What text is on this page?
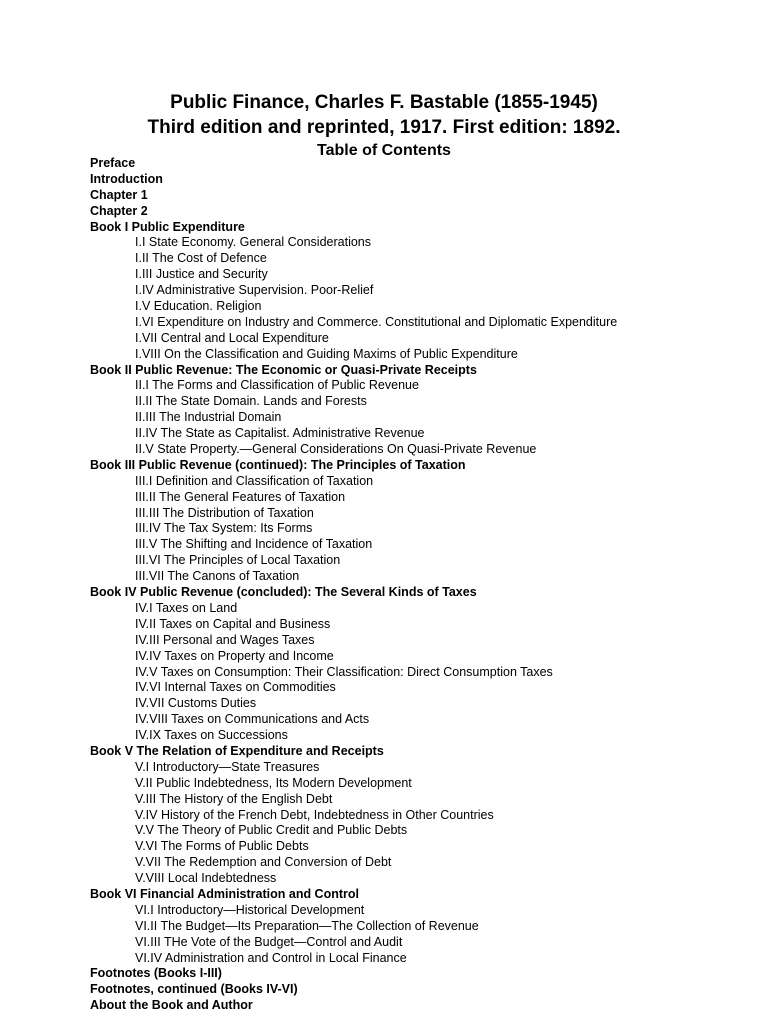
Public Finance, Charles F. Bastable (1855-1945)
Third edition and reprinted, 1917. First edition: 1892.
Table of Contents
Preface
Introduction
Chapter 1
Chapter 2
Book I Public Expenditure
I.I State Economy. General Considerations
I.II The Cost of Defence
I.III Justice and Security
I.IV Administrative Supervision. Poor-Relief
I.V Education. Religion
I.VI Expenditure on Industry and Commerce. Constitutional and Diplomatic Expenditure
I.VII Central and Local Expenditure
I.VIII On the Classification and Guiding Maxims of Public Expenditure
Book II Public Revenue: The Economic or Quasi-Private Receipts
II.I The Forms and Classification of Public Revenue
II.II The State Domain. Lands and Forests
II.III The Industrial Domain
II.IV The State as Capitalist. Administrative Revenue
II.V State Property.—General Considerations On Quasi-Private Revenue
Book III Public Revenue (continued): The Principles of Taxation
III.I Definition and Classification of Taxation
III.II The General Features of Taxation
III.III The Distribution of Taxation
III.IV The Tax System: Its Forms
III.V The Shifting and Incidence of Taxation
III.VI The Principles of Local Taxation
III.VII The Canons of Taxation
Book IV Public Revenue (concluded): The Several Kinds of Taxes
IV.I Taxes on Land
IV.II Taxes on Capital and Business
IV.III Personal and Wages Taxes
IV.IV Taxes on Property and Income
IV.V Taxes on Consumption: Their Classification: Direct Consumption Taxes
IV.VI Internal Taxes on Commodities
IV.VII Customs Duties
IV.VIII Taxes on Communications and Acts
IV.IX Taxes on Successions
Book V The Relation of Expenditure and Receipts
V.I Introductory—State Treasures
V.II Public Indebtedness, Its Modern Development
V.III The History of the English Debt
V.IV History of the French Debt, Indebtedness in Other Countries
V.V The Theory of Public Credit and Public Debts
V.VI The Forms of Public Debts
V.VII The Redemption and Conversion of Debt
V.VIII Local Indebtedness
Book VI Financial Administration and Control
VI.I Introductory—Historical Development
VI.II The Budget—Its Preparation—The Collection of Revenue
VI.III THe Vote of the Budget—Control and Audit
VI.IV Administration and Control in Local Finance
Footnotes (Books I-III)
Footnotes, continued (Books IV-VI)
About the Book and Author
